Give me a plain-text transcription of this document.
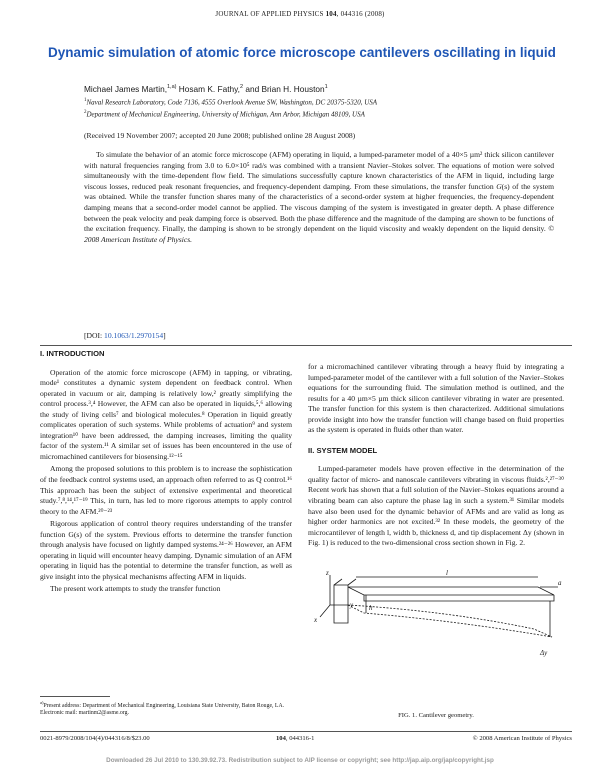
JOURNAL OF APPLIED PHYSICS 104, 044316 (2008)
Dynamic simulation of atomic force microscope cantilevers oscillating in liquid
Michael James Martin,$^{1,a)}$ Hosam K. Fathy,$^2$ and Brian H. Houston$^1$
$^1$Naval Research Laboratory, Code 7136, 4555 Overlook Avenue SW, Washington, DC 20375-5320, USA
$^2$Department of Mechanical Engineering, University of Michigan, Ann Arbor, Michigan 48109, USA
(Received 19 November 2007; accepted 20 June 2008; published online 28 August 2008)

To simulate the behavior of an atomic force microscope (AFM) operating in liquid, a lumped-parameter model of a 40×5 µm² thick silicon cantilever with natural frequencies ranging from 3.0 to 6.0×10⁵ rad/s was combined with a transient Navier–Stokes solver. The equations of motion were solved simultaneously with the time-dependent flow field. The simulations successfully capture known characteristics of the AFM in liquid, including large viscous losses, reduced peak resonant frequencies, and frequency-dependent damping. From these simulations, the transfer function G(s) of the system was obtained. While the transfer function shares many of the characteristics of a second-order system at higher frequencies, the frequency-dependent damping means that a second-order model cannot be applied. The viscous damping of the system is investigated in greater depth. A phase difference between the peak velocity and peak damping force is observed. Both the phase difference and the magnitude of the damping are shown to be functions of the excitation frequency. Finally, the damping is shown to be strongly dependent on the liquid viscosity and weakly dependent on the liquid density. © 2008 American Institute of Physics.

[DOI: 10.1063/1.2970154]
I. INTRODUCTION

Operation of the atomic force microscope (AFM) in tapping, or vibrating, mode¹ constitutes a dynamic system dependent on feedback control. When operated in vacuum or air, damping is relatively low,² greatly simplifying the control process.³,⁴ However, the AFM can also be operated in liquids,⁵,⁶ allowing the study of living cells⁷ and biological molecules.⁸ Operation in liquid greatly complicates operation of such systems. While problems of actuation⁹ and system integration¹⁰ have been addressed, the damping increases, limiting the quality factor of the system.¹¹ A similar set of issues has been encountered in the use of micromachined cantilevers for biosensing.¹²⁻¹⁵

Among the proposed solutions to this problem is to increase the sophistication of the feedback control systems used, an approach often referred to as Q control.¹⁶ This approach has been the subject of extensive experimental and theoretical study.⁷,⁸,¹⁴,¹⁷⁻¹⁹ This, in turn, has led to more rigorous attempts to apply control theory to the AFM.²⁰⁻²³

Rigorous application of control theory requires understanding of the transfer function G(s) of the system. Previous efforts to determine the transfer function through analysis have focused on lightly damped systems.²⁴⁻²⁶ However, an AFM operating in liquid will encounter heavy damping. Dynamic simulation of an AFM operating in liquid has the potential to determine the transfer function, as well as give insight into the physical mechanisms affecting AFM in liquids.

The present work attempts to study the transfer function

for a micromachined cantilever vibrating through a heavy fluid by integrating a lumped-parameter model of the cantilever with a full solution of the Navier–Stokes equations for the surrounding fluid. The simulation method is outlined, and the results for a 40 µm×5 µm thick silicon cantilever vibrating in water are presented. The transfer function for this system is then characterized. Additional simulations provide insight into how the transfer function will change based on fluid properties as the system is operated in fluids other than water.

II. SYSTEM MODEL

Lumped-parameter models have proven effective in the determination of the quality factor of micro- and nanoscale cantilevers vibrating in viscous fluids.²,²⁷⁻³⁰ Recent work has shown that a full solution of the Navier–Stokes equations around a vibrating beam can also capture the phase lag in such a system.³¹ Similar models have also been used for the dynamic behavior of AFMs and are valid as long as higher order harmonics are not excited.³² In these models, the geometry of the microcantilever of length l, width b, thickness d, and tip displacement Δy (shown in Fig. 1) is reduced to the two-dimensional cross section shown in Fig. 2.

z
y
x
l
a
h
Δy
FIG. 1. Cantilever geometry.
$^{a)}$Present address: Department of Mechanical Engineering, Louisiana State University, Baton Rouge, LA. Electronic mail: martinm2@asme.org.
0021-8979/2008/104(4)/044316/8/$23.00	104, 044316-1	© 2008 American Institute of Physics
Downloaded 26 Jul 2010 to 130.39.92.73. Redistribution subject to AIP license or copyright; see http://jap.aip.org/jap/copyright.jsp
